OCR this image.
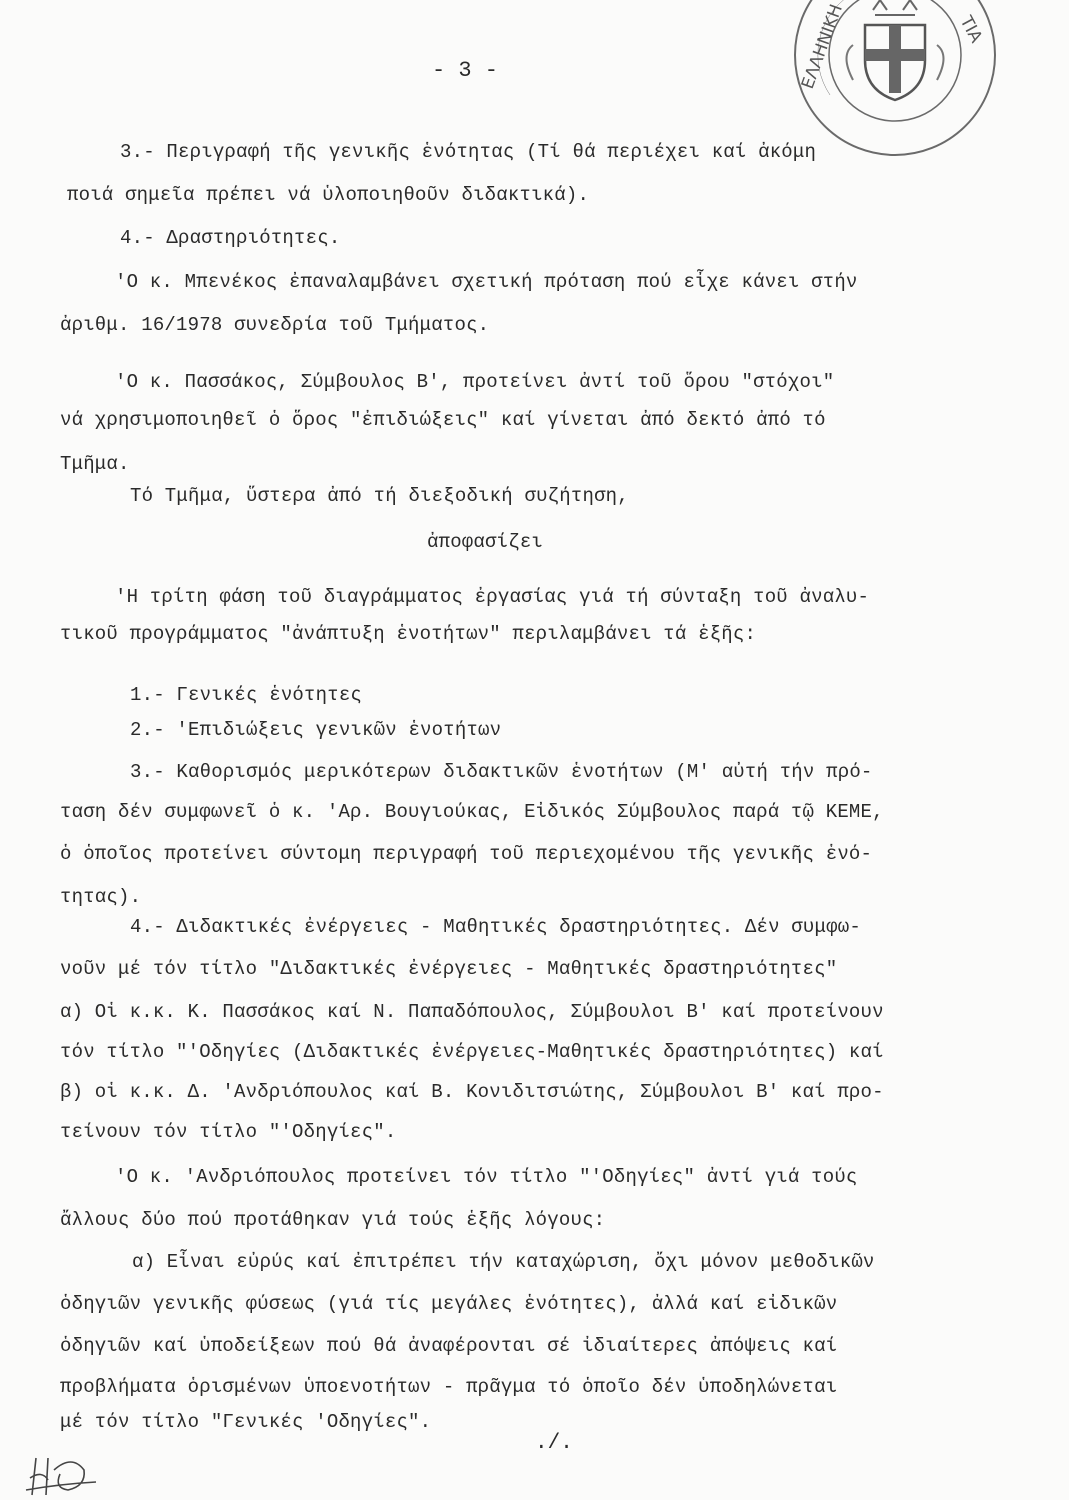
ΕΛΛΗΝΙΚΗ	ΤΙΑ
- 3 -
3.- Περιγραφή τῆς γενικῆς ἑνότητας (Τί θά περιέχει καί ἀκόμη
ποιά σημεῖα πρέπει νά ὑλοποιηθοῦν διδακτικά).
4.- Δραστηριότητες.
'Ο κ. Μπενέκος ἐπαναλαμβάνει σχετική πρόταση πού εἶχε κάνει στήν
ἀριθμ. 16/1978 συνεδρία τοῦ Τμήματος.
'Ο κ. Πασσάκος, Σύμβουλος Β', προτείνει ἀντί τοῦ ὅρου "στόχοι"
νά χρησιμοποιηθεῖ ὁ ὅρος "ἐπιδιώξεις" καί γίνεται ἀπό δεκτό ἀπό τό
Τμῆμα.
Τό Τμῆμα, ὕστερα ἀπό τή διεξοδική συζήτηση,
ἀποφασίζει
'Η τρίτη φάση τοῦ διαγράμματος ἐργασίας γιά τή σύνταξη τοῦ ἀναλυ-
τικοῦ προγράμματος "ἀνάπτυξη ἑνοτήτων" περιλαμβάνει τά ἑξῆς:
1.- Γενικές ἑνότητες
2.- 'Επιδιώξεις γενικῶν ἑνοτήτων
3.- Καθορισμός μερικότερων διδακτικῶν ἑνοτήτων (Μ' αὐτή τήν πρό-
ταση δέν συμφωνεῖ ὁ κ. 'Αρ. Βουγιούκας, Εἰδικός Σύμβουλος παρά τῷ ΚΕΜΕ,
ὁ ὁποῖος προτείνει σύντομη περιγραφή τοῦ περιεχομένου τῆς γενικῆς ἑνό-
τητας).
4.- Διδακτικές ἐνέργειες - Μαθητικές δραστηριότητες. Δέν συμφω-
νοῦν μέ τόν τίτλο "Διδακτικές ἐνέργειες - Μαθητικές δραστηριότητες"
α) Οἱ κ.κ. Κ. Πασσάκος καί Ν. Παπαδόπουλος, Σύμβουλοι Β' καί προτείνουν
τόν τίτλο "'Οδηγίες (Διδακτικές ἐνέργειες-Μαθητικές δραστηριότητες) καί
β) οἱ κ.κ. Δ. 'Ανδριόπουλος καί Β. Κονιδιτσιώτης, Σύμβουλοι Β' καί προ-
τείνουν τόν τίτλο "'Οδηγίες".
'Ο κ. 'Ανδριόπουλος προτείνει τόν τίτλο "'Οδηγίες" ἀντί γιά τούς
ἄλλους δύο πού προτάθηκαν γιά τούς ἑξῆς λόγους:
α) Εἶναι εὐρύς καί ἐπιτρέπει τήν καταχώριση, ὄχι μόνον μεθοδικῶν
ὁδηγιῶν γενικῆς φύσεως (γιά τίς μεγάλες ἑνότητες), ἀλλά καί εἰδικῶν
ὁδηγιῶν καί ὑποδείξεων πού θά ἀναφέρονται σέ ἰδιαίτερες ἀπόψεις καί
προβλήματα ὁρισμένων ὑποενοτήτων - πρᾶγμα τό ὁποῖο δέν ὑποδηλώνεται
μέ τόν τίτλο "Γενικές 'Οδηγίες".
./.
